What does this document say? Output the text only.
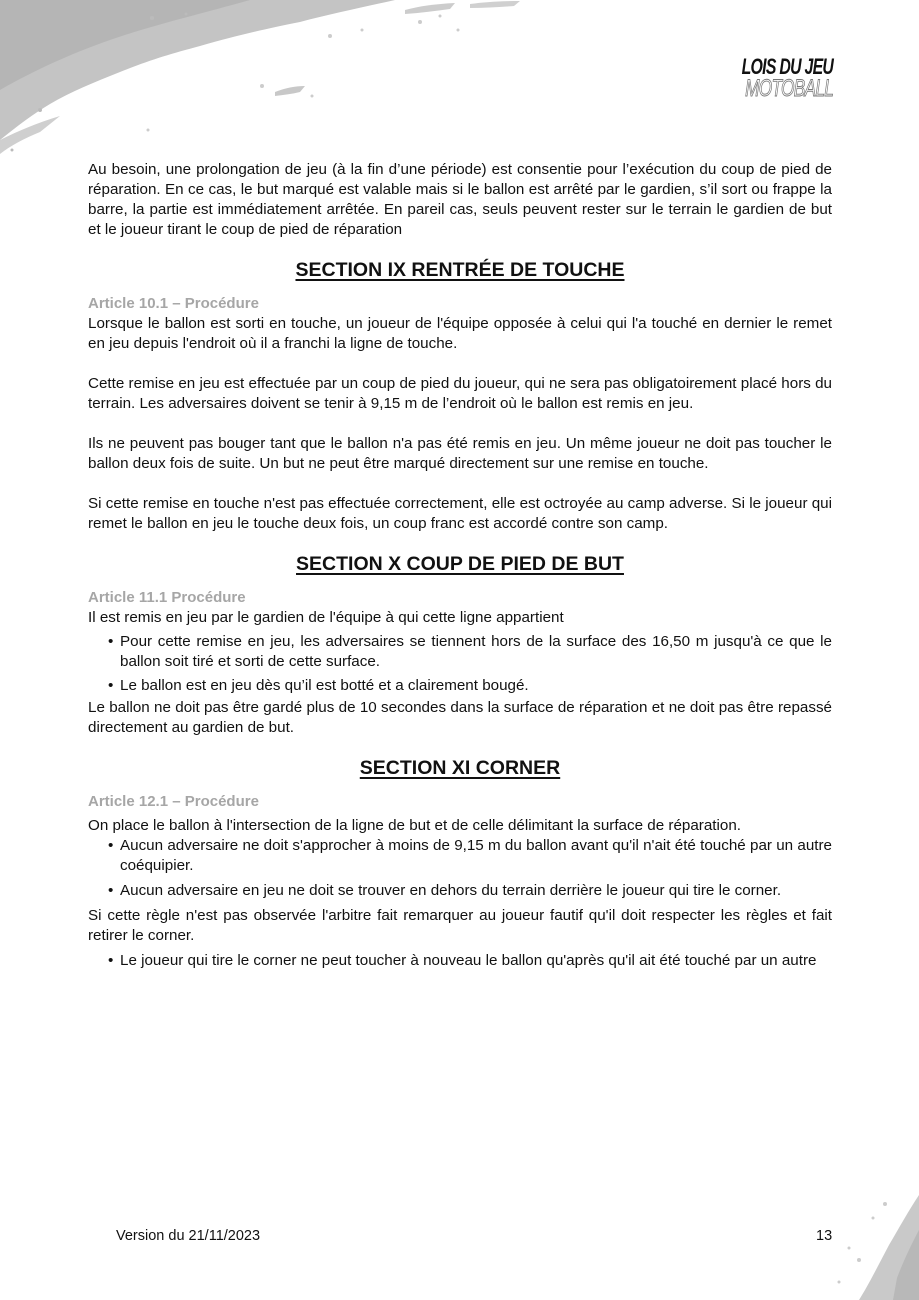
LOIS DU JEU
MOTOBALL

Au besoin, une prolongation de jeu (à la fin d’une période) est consentie pour l’exécution du coup de pied de réparation. En ce cas, le but marqué est valable mais si le ballon est arrêté par le gardien, s’il sort ou frappe la barre, la partie est immédiatement arrêtée. En pareil cas, seuls peuvent rester sur le terrain le gardien de but et le joueur tirant le coup de pied de réparation

SECTION IX RENTRÉE DE TOUCHE

Article 10.1 – Procédure

Lorsque le ballon est sorti en touche, un joueur de l'équipe opposée à celui qui l'a touché en dernier le remet en jeu depuis l'endroit où il a franchi la ligne de touche.

Cette remise en jeu est effectuée par un coup de pied du joueur, qui ne sera pas obligatoirement placé hors du terrain. Les adversaires doivent se tenir à 9,15 m de l’endroit où le ballon est remis en jeu.

Ils ne peuvent pas bouger tant que le ballon n'a pas été remis en jeu. Un même joueur ne doit pas toucher le ballon deux fois de suite. Un but ne peut être marqué directement sur une remise en touche.

Si cette remise en touche n'est pas effectuée correctement, elle est octroyée au camp adverse. Si le joueur qui remet le ballon en jeu le touche deux fois, un coup franc est accordé contre son camp.

SECTION X COUP DE PIED DE BUT

Article 11.1 Procédure

Il est remis en jeu par le gardien de l'équipe à qui cette ligne appartient

• Pour cette remise en jeu, les adversaires se tiennent hors de la surface des 16,50 m jusqu'à ce que le ballon soit tiré et sorti de cette surface.
• Le ballon est en jeu dès qu’il est botté et a clairement bougé.

Le ballon ne doit pas être gardé plus de 10 secondes dans la surface de réparation et ne doit pas être repassé directement au gardien de but.

SECTION XI CORNER

Article 12.1 – Procédure

On place le ballon à l'intersection de la ligne de but et de celle délimitant la surface de réparation.

• Aucun adversaire ne doit s'approcher à moins de 9,15 m du ballon avant qu'il n'ait été touché par un autre coéquipier.
• Aucun adversaire en jeu ne doit se trouver en dehors du terrain derrière le joueur qui tire le corner.

Si cette règle n'est pas observée l'arbitre fait remarquer au joueur fautif qu'il doit respecter les règles et fait retirer le corner.

• Le joueur qui tire le corner ne peut toucher à nouveau le ballon qu'après qu'il ait été touché par un autre
Version du 21/11/2023	13
